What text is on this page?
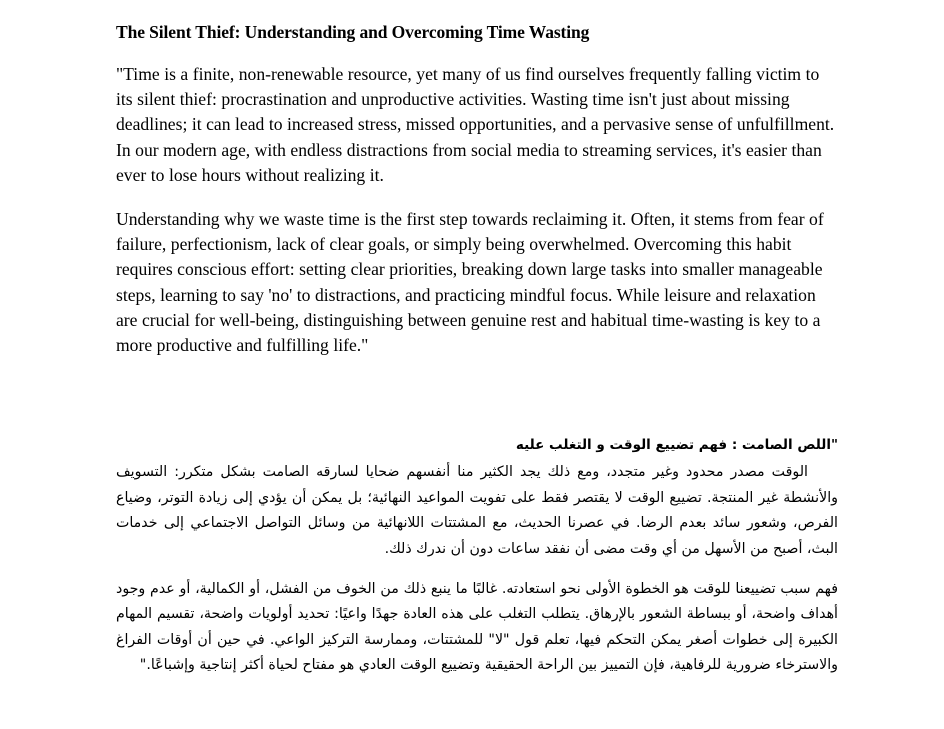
The Silent Thief: Understanding and Overcoming Time Wasting

"Time is a finite, non-renewable resource, yet many of us find ourselves frequently falling victim to its silent thief: procrastination and unproductive activities. Wasting time isn't just about missing deadlines; it can lead to increased stress, missed opportunities, and a pervasive sense of unfulfillment. In our modern age, with endless distractions from social media to streaming services, it's easier than ever to lose hours without realizing it.

Understanding why we waste time is the first step towards reclaiming it. Often, it stems from fear of failure, perfectionism, lack of clear goals, or simply being overwhelmed. Overcoming this habit requires conscious effort: setting clear priorities, breaking down large tasks into smaller manageable steps, learning to say 'no' to distractions, and practicing mindful focus. While leisure and relaxation are crucial for well-being, distinguishing between genuine rest and habitual time-wasting is key to a more productive and fulfilling life."

"اللص الصامت : فهم تضييع الوقت و التغلب عليه

الوقت مصدر محدود وغير متجدد، ومع ذلك يجد الكثير منا أنفسهم ضحايا لسارقه الصامت بشكل متكرر: التسويف والأنشطة غير المنتجة. تضييع الوقت لا يقتصر فقط على تفويت المواعيد النهائية؛ بل يمكن أن يؤدي إلى زيادة التوتر، وضياع الفرص، وشعور سائد بعدم الرضا. في عصرنا الحديث، مع المشتتات اللانهائية من وسائل التواصل الاجتماعي إلى خدمات البث، أصبح من الأسهل من أي وقت مضى أن نفقد ساعات دون أن ندرك ذلك.

فهم سبب تضييعنا للوقت هو الخطوة الأولى نحو استعادته. غالبًا ما ينبع ذلك من الخوف من الفشل، أو الكمالية، أو عدم وجود أهداف واضحة، أو ببساطة الشعور بالإرهاق. يتطلب التغلب على هذه العادة جهدًا واعيًا: تحديد أولويات واضحة، تقسيم المهام الكبيرة إلى خطوات أصغر يمكن التحكم فيها، تعلم قول "لا" للمشتتات، وممارسة التركيز الواعي. في حين أن أوقات الفراغ والاسترخاء ضرورية للرفاهية، فإن التمييز بين الراحة الحقيقية وتضييع الوقت العادي هو مفتاح لحياة أكثر إنتاجية وإشباعًا."
